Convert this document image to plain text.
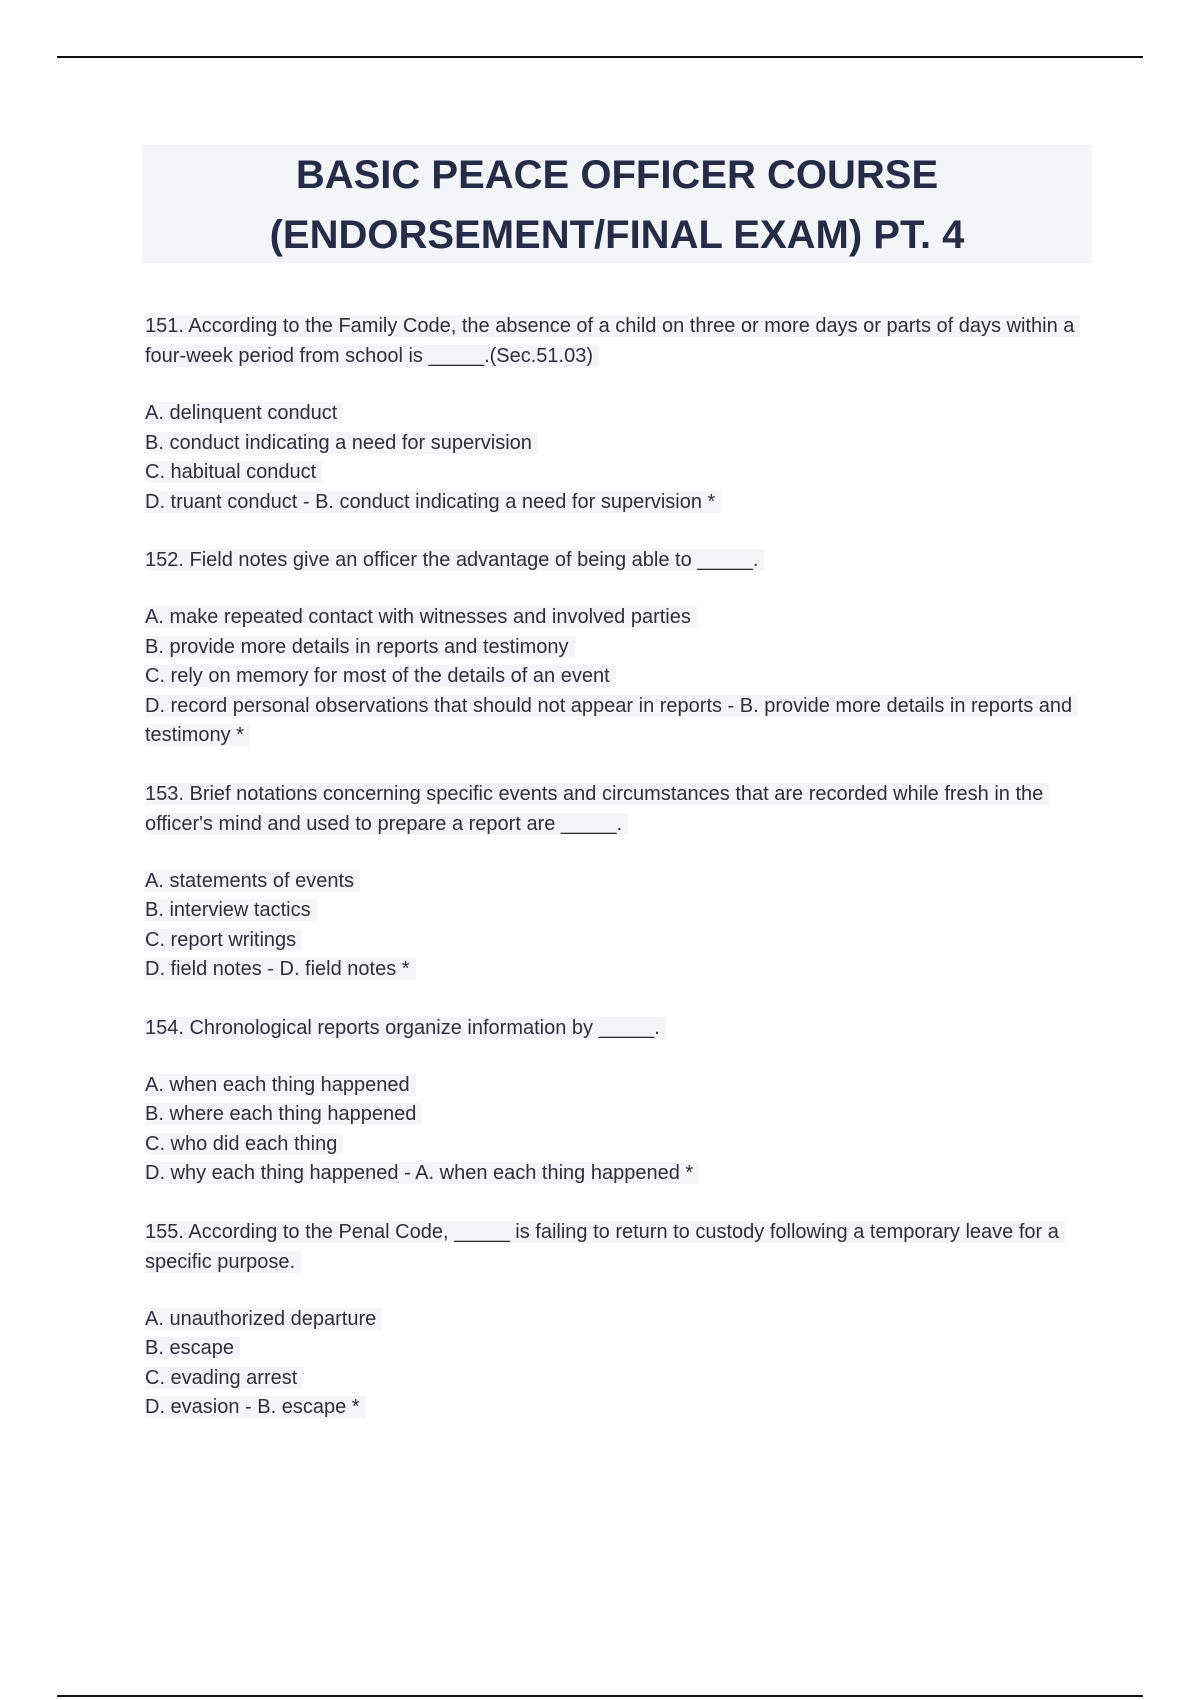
BASIC PEACE OFFICER COURSE
(ENDORSEMENT/FINAL EXAM) PT. 4
151. According to the Family Code, the absence of a child on three or more days or parts of days within a four-week period from school is _____.(Sec.51.03)
A. delinquent conduct
B. conduct indicating a need for supervision
C. habitual conduct
D. truant conduct - B. conduct indicating a need for supervision *
152. Field notes give an officer the advantage of being able to _____.
A. make repeated contact with witnesses and involved parties
B. provide more details in reports and testimony
C. rely on memory for most of the details of an event
D. record personal observations that should not appear in reports - B. provide more details in reports and testimony *
153. Brief notations concerning specific events and circumstances that are recorded while fresh in the officer's mind and used to prepare a report are _____.
A. statements of events
B. interview tactics
C. report writings
D. field notes - D. field notes *
154. Chronological reports organize information by _____.
A. when each thing happened
B. where each thing happened
C. who did each thing
D. why each thing happened - A. when each thing happened *
155. According to the Penal Code, _____ is failing to return to custody following a temporary leave for a specific purpose.
A. unauthorized departure
B. escape
C. evading arrest
D. evasion - B. escape *
